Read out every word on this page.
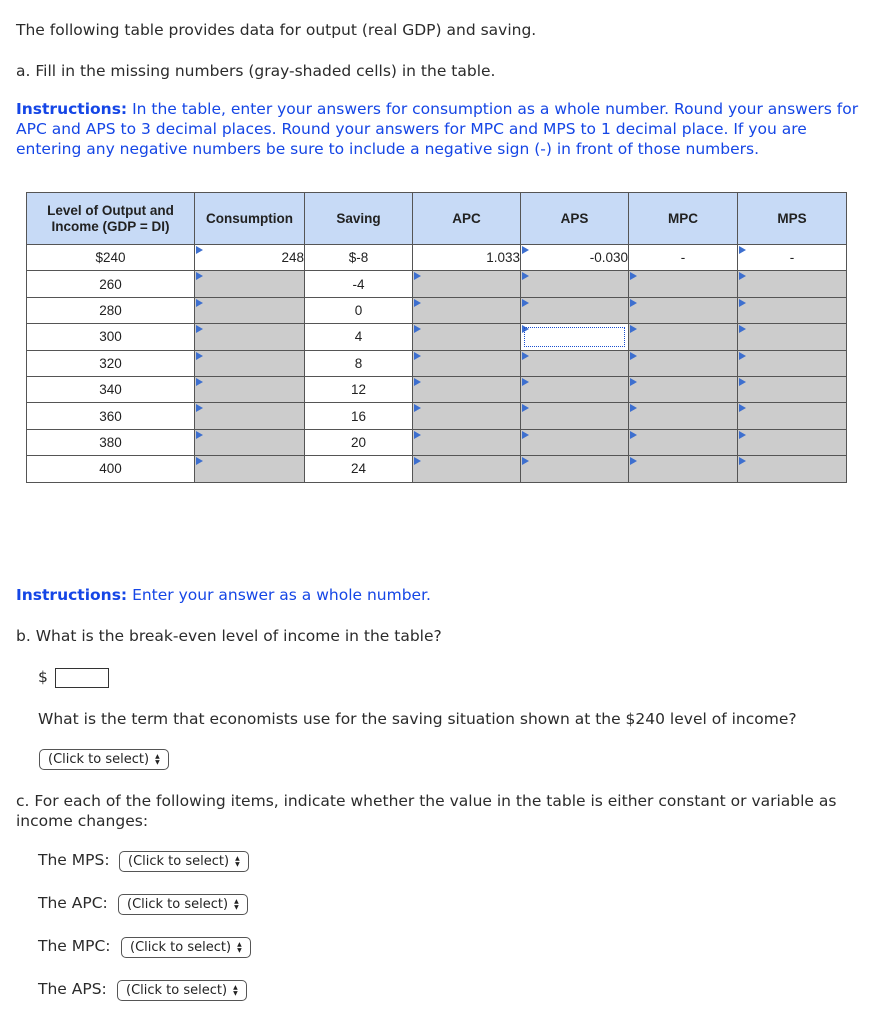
The following table provides data for output (real GDP) and saving.

a. Fill in the missing numbers (gray-shaded cells) in the table.

Instructions: In the table, enter your answers for consumption as a whole number. Round your answers for APC and APS to 3 decimal places. Round your answers for MPC and MPS to 1 decimal place. If you are entering any negative numbers be sure to include a negative sign (-) in front of those numbers.

Level of Output and
Income (GDP = DI)	Consumption	Saving	APC	APS	MPC	MPS
$240	248	$-8	1.033	-0.030	-	-
260		-4				
280		0				
300		4		

320		8				
340		12				
360		16				
380		20				
400		24				

Instructions: Enter your answer as a whole number.

b. What is the break-even level of income in the table?

$

What is the term that economists use for the saving situation shown at the $240 level of income?

(Click to select) ▲
▼

c. For each of the following items, indicate whether the value in the table is either constant or variable as income changes:

The MPS:	(Click to select) ▲
▼
The APC:	(Click to select) ▲
▼
The MPC:	(Click to select) ▲
▼
The APS:	(Click to select) ▲
▼
